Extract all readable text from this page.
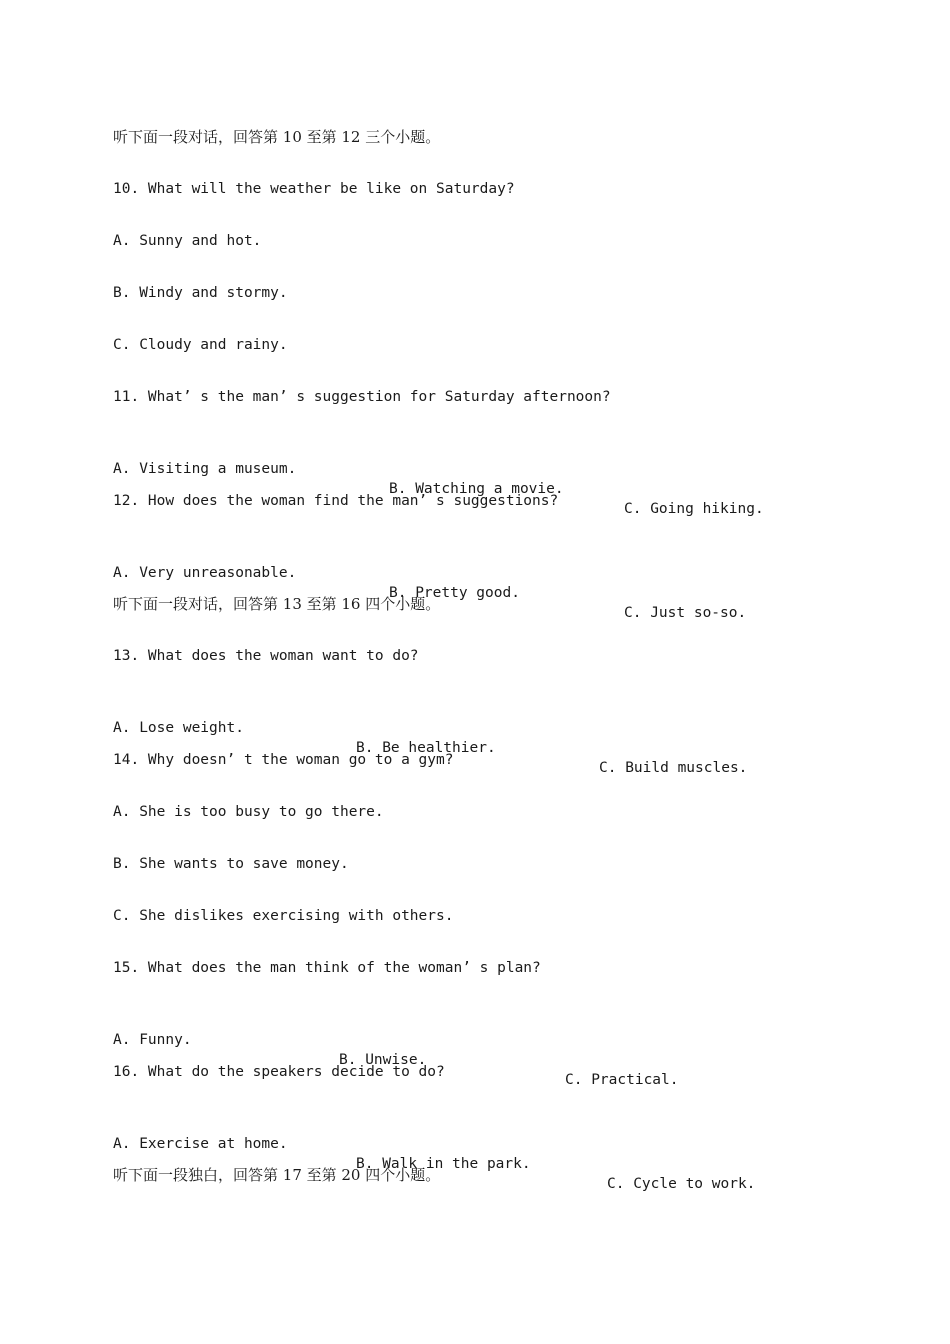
听下面一段对话，回答第 10 至第 12 三个小题。
10. What will the weather be like on Saturday?
A. Sunny and hot.
B. Windy and stormy.
C. Cloudy and rainy.
11. What’ s the man’ s suggestion for Saturday afternoon?

A. Visiting a museum.

B. Watching a movie.

C. Going hiking.

12. How does the woman find the man’ s suggestions?

A. Very unreasonable.

B. Pretty good.

C. Just so-so.

听下面一段对话，回答第 13 至第 16 四个小题。
13. What does the woman want to do?

A. Lose weight.

B. Be healthier.

C. Build muscles.

14. Why doesn’ t the woman go to a gym?
A. She is too busy to go there.
B. She wants to save money.
C. She dislikes exercising with others.
15. What does the man think of the woman’ s plan?

A. Funny.

B. Unwise.

C. Practical.

16. What do the speakers decide to do?

A. Exercise at home.

B. Walk in the park.

C. Cycle to work.

听下面一段独白，回答第 17 至第 20 四个小题。
